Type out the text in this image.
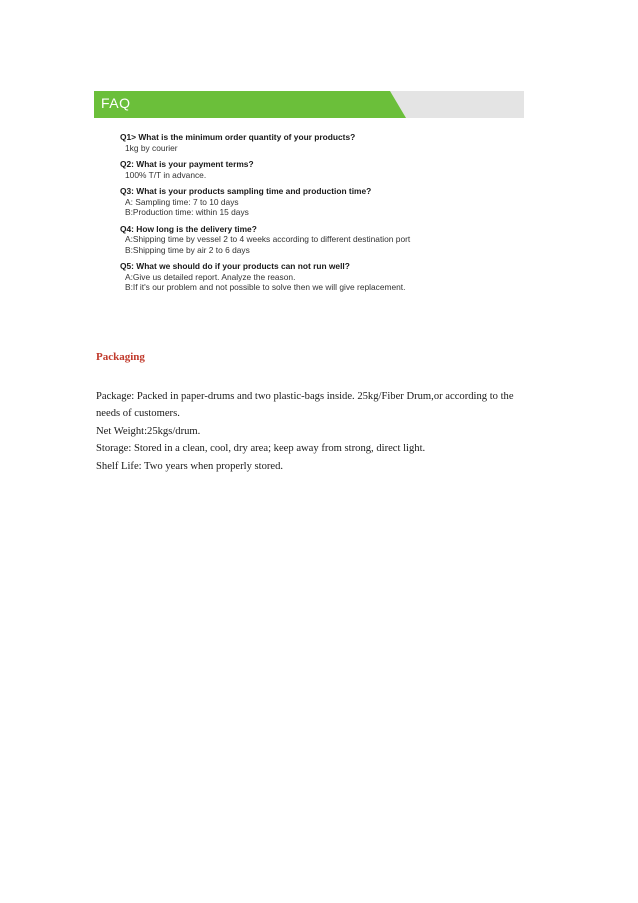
FAQ
Q1> What is the minimum order quantity of your products?
1kg by courier
Q2: What is your payment terms?
100% T/T in advance.
Q3: What is your products sampling time and production time?
A: Sampling time: 7 to 10 days
B:Production time: within 15 days
Q4: How long is the delivery time?
A:Shipping time by vessel 2 to 4 weeks according to different destination port
B:Shipping time by air 2 to 6 days
Q5: What we should do if your products can not run well?
A:Give us detailed report. Analyze the reason.
B:If it's our problem and not possible to solve then we will give replacement.
Packaging

Package: Packed in paper-drums and two plastic-bags inside. 25kg/Fiber Drum,or according to the

needs of customers.

Net Weight:25kgs/drum.

Storage: Stored in a clean, cool, dry area; keep away from strong, direct light.

Shelf Life: Two years when properly stored.
